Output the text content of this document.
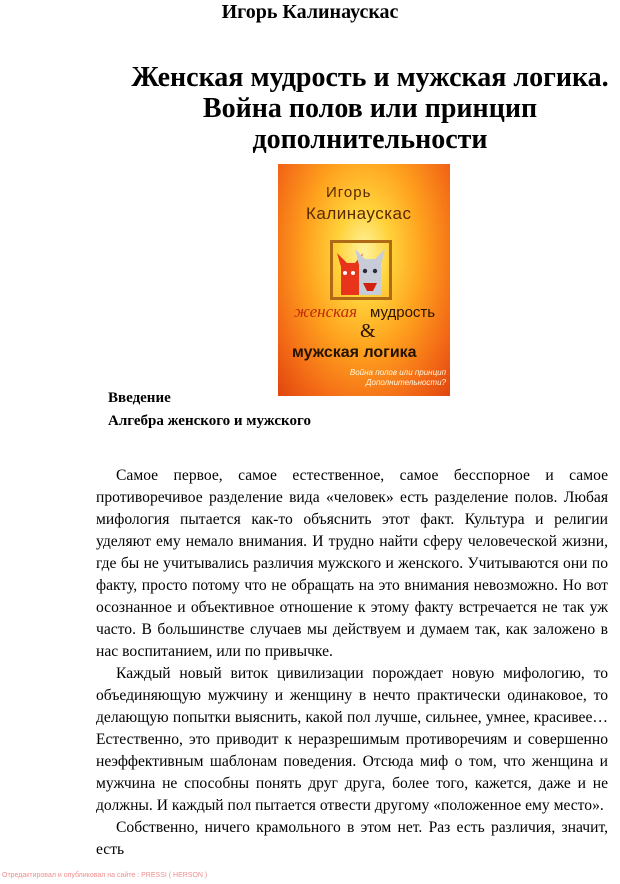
Игорь Калинаускас
Женская мудрость и мужская логика.
Война полов или принцип
дополнительности
Игорь
Калинаускас
женская мудрость
&
мужская логика
Война полов или принцип Дополнительности?
Введение
Алгебра женского и мужского

Самое первое, самое естественное, самое бесспорное и самое противоречивое разделение вида «человек» есть разделение полов. Любая мифология пытается как-то объяснить этот факт. Культура и религии уделяют ему немало внимания. И трудно найти сферу человеческой жизни, где бы не учитывались различия мужского и женского. Учитываются они по факту, просто потому что не обращать на это внимания невозможно. Но вот осознанное и объективное отношение к этому факту встречается не так уж часто. В большинстве случаев мы действуем и думаем так, как заложено в нас воспитанием, или по привычке.

Каждый новый виток цивилизации порождает новую мифологию, то объединяющую мужчину и женщину в нечто практически одинаковое, то делающую попытки выяснить, какой пол лучше, сильнее, умнее, красивее… Естественно, это приводит к неразрешимым противоречиям и совершенно неэффективным шаблонам поведения. Отсюда миф о том, что женщина и мужчина не способны понять друг друга, более того, кажется, даже и не должны. И каждый пол пытается отвести другому «положенное ему место».

Собственно, ничего крамольного в этом нет. Раз есть различия, значит, есть

Отредактировал и опубликовал на сайте : PRESSI ( HERSON )
